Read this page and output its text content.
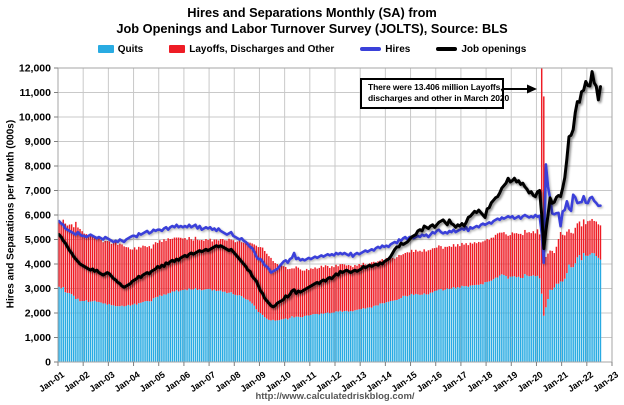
Hires and Separations Monthly (SA) from
Job Openings and Labor Turnover Survey (JOLTS), Source: BLS
Quits	Layoffs, Discharges and Other	Hires	Job openings
Hires and Separations per Month (000s)
0
1,000
2,000
3,000
4,000
5,000
6,000
7,000
8,000
9,000
10,000
11,000
12,000
Jan-01
Jan-02
Jan-03
Jan-04
Jan-05
Jan-06
Jan-07
Jan-08
Jan-09
Jan-10
Jan-11
Jan-12
Jan-13
Jan-14
Jan-15
Jan-16
Jan-17
Jan-18
Jan-19
Jan-20
Jan-21
Jan-22
Jan-23
There were 13.406 million Layoffs,
discharges and other in March 2020
http://www.calculatedriskblog.com/
